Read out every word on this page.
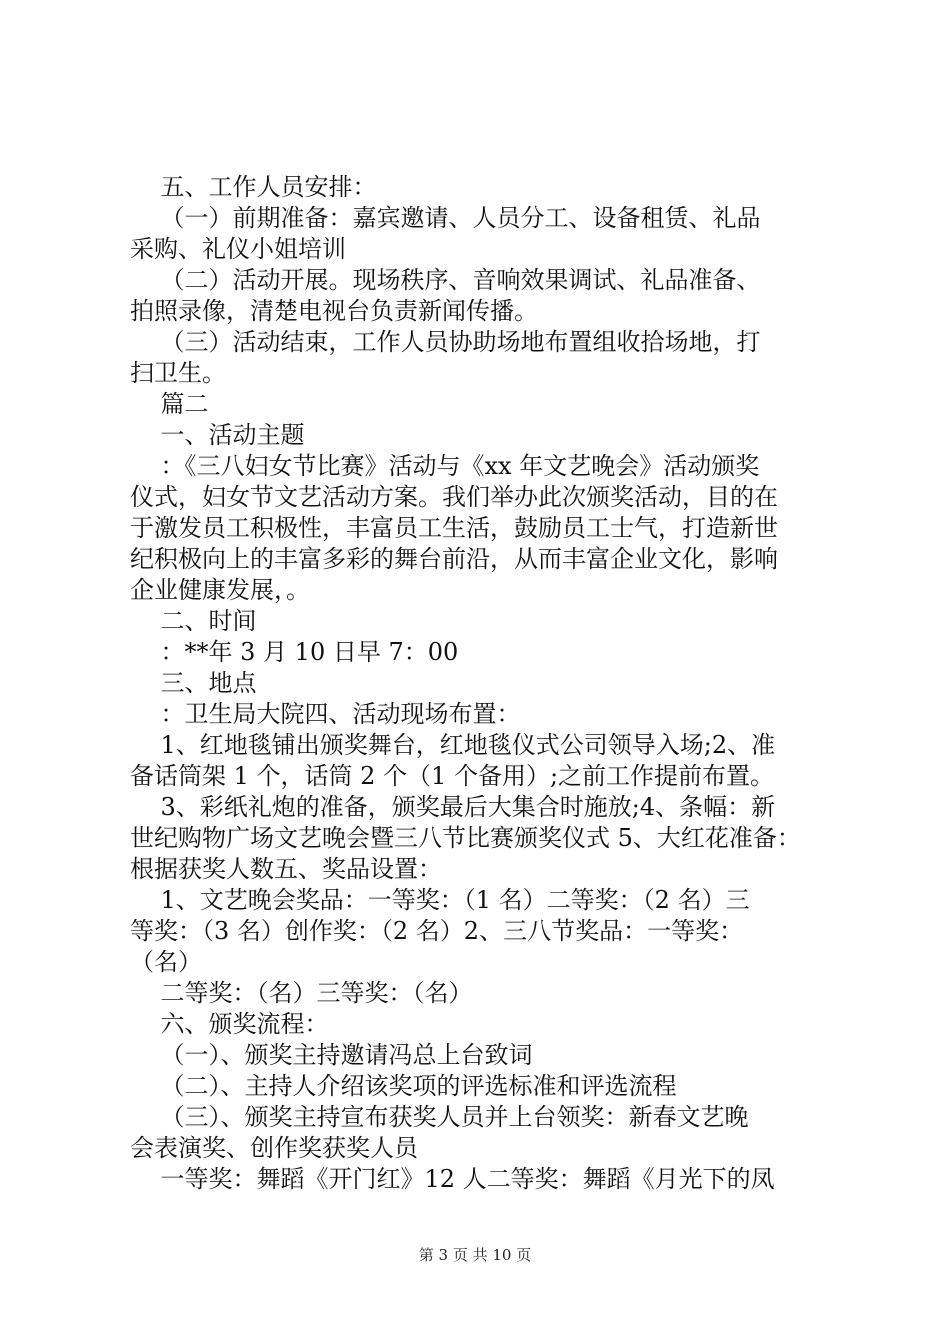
五、工作人员安排：
（一）前期准备：嘉宾邀请、人员分工、设备租赁、礼品
采购、礼仪小姐培训
（二）活动开展。现场秩序、音响效果调试、礼品准备、
拍照录像，清楚电视台负责新闻传播。
（三）活动结束，工作人员协助场地布置组收拾场地，打
扫卫生。
篇二
一、活动主题
：《三八妇女节比赛》活动与《xx 年文艺晚会》活动颁奖
仪式，妇女节文艺活动方案。我们举办此次颁奖活动，目的在
于激发员工积极性，丰富员工生活，鼓励员工士气，打造新世
纪积极向上的丰富多彩的舞台前沿，从而丰富企业文化，影响
企业健康发展，。
二、时间
：**年 3 月 10 日早 7：00
三、地点
：卫生局大院四、活动现场布置：
1、红地毯铺出颁奖舞台，红地毯仪式公司领导入场;2、准
备话筒架 1 个，话筒 2 个（1 个备用）;之前工作提前布置。
3、彩纸礼炮的准备，颁奖最后大集合时施放;4、条幅：新
世纪购物广场文艺晚会暨三八节比赛颁奖仪式 5、大红花准备：
根据获奖人数五、奖品设置：
1、文艺晚会奖品：一等奖：（1 名）二等奖：（2 名）三
等奖：（3 名）创作奖：（2 名）2、三八节奖品：一等奖：
（名）
二等奖：（名）三等奖：（名）
六、颁奖流程：
（一）、颁奖主持邀请冯总上台致词
（二）、主持人介绍该奖项的评选标准和评选流程
（三）、颁奖主持宣布获奖人员并上台领奖：新春文艺晚
会表演奖、创作奖获奖人员
一等奖：舞蹈《开门红》12 人二等奖：舞蹈《月光下的凤
第 3 页 共 10 页
